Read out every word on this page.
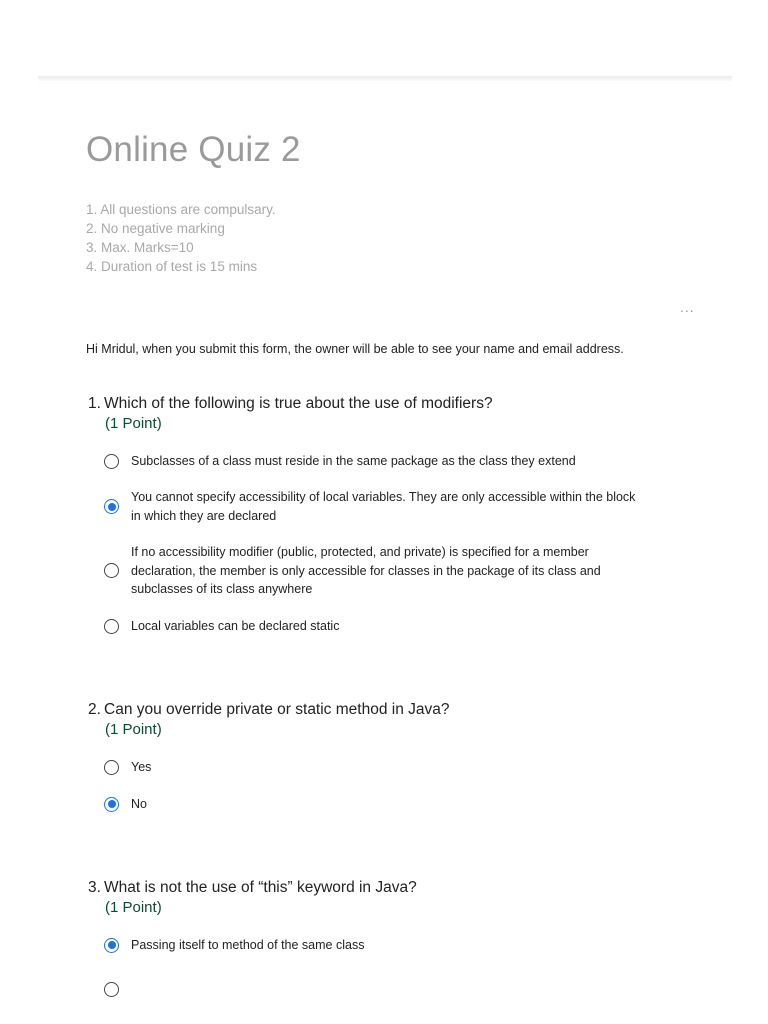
Online Quiz 2
1. All questions are compulsary.
2. No negative marking
3. Max. Marks=10
4. Duration of test is 15 mins
...
Hi Mridul, when you submit this form, the owner will be able to see your name and email address.
1. Which of the following is true about the use of modifiers?
(1 Point)
Subclasses of a class must reside in the same package as the class they extend
You cannot specify accessibility of local variables. They are only accessible within the block in which they are declared
If no accessibility modifier (public, protected, and private) is specified for a member declaration, the member is only accessible for classes in the package of its class and subclasses of its class anywhere
Local variables can be declared static
2. Can you override private or static method in Java?
(1 Point)
Yes
No
3. What is not the use of “this” keyword in Java?
(1 Point)
Passing itself to method of the same class
